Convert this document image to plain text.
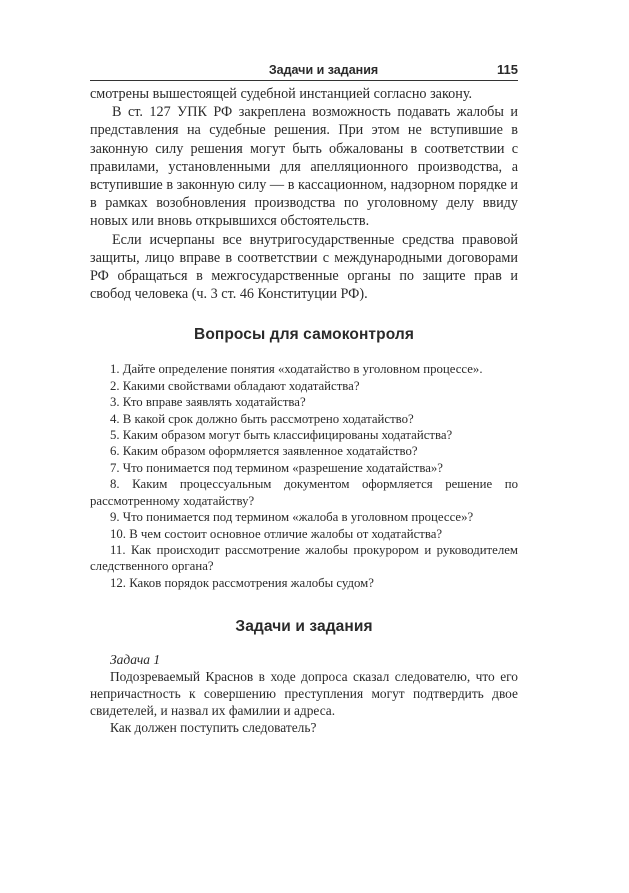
Задачи и задания	115

смотрены вышестоящей судебной инстанцией согласно закону.

В ст. 127 УПК РФ закреплена возможность подавать жалобы и представления на судебные решения. При этом не вступившие в законную силу решения могут быть обжалованы в соответствии с правилами, установленными для апелляционного производства, а вступившие в законную силу — в кассационном, надзорном порядке и в рамках возобновления производства по уголовному делу ввиду новых или вновь открывшихся обстоятельств.

Если исчерпаны все внутригосударственные средства правовой защиты, лицо вправе в соответствии с международными договорами РФ обращаться в межгосударственные органы по защите прав и свобод человека (ч. 3 ст. 46 Конституции РФ).

Вопросы для самоконтроля
1. Дайте определение понятия «ходатайство в уголовном процессе».
2. Какими свойствами обладают ходатайства?
3. Кто вправе заявлять ходатайства?
4. В какой срок должно быть рассмотрено ходатайство?
5. Каким образом могут быть классифицированы ходатайства?
6. Каким образом оформляется заявленное ходатайство?
7. Что понимается под термином «разрешение ходатайства»?
8. Каким процессуальным документом оформляется решение по рассмотренному ходатайству?
9. Что понимается под термином «жалоба в уголовном процессе»?
10. В чем состоит основное отличие жалобы от ходатайства?
11. Как происходит рассмотрение жалобы прокурором и руководителем следственного органа?
12. Каков порядок рассмотрения жалобы судом?
Задачи и задания
Задача 1

Подозреваемый Краснов в ходе допроса сказал следователю, что его непричастность к совершению преступления могут подтвердить двое свидетелей, и назвал их фамилии и адреса.

Как должен поступить следователь?
